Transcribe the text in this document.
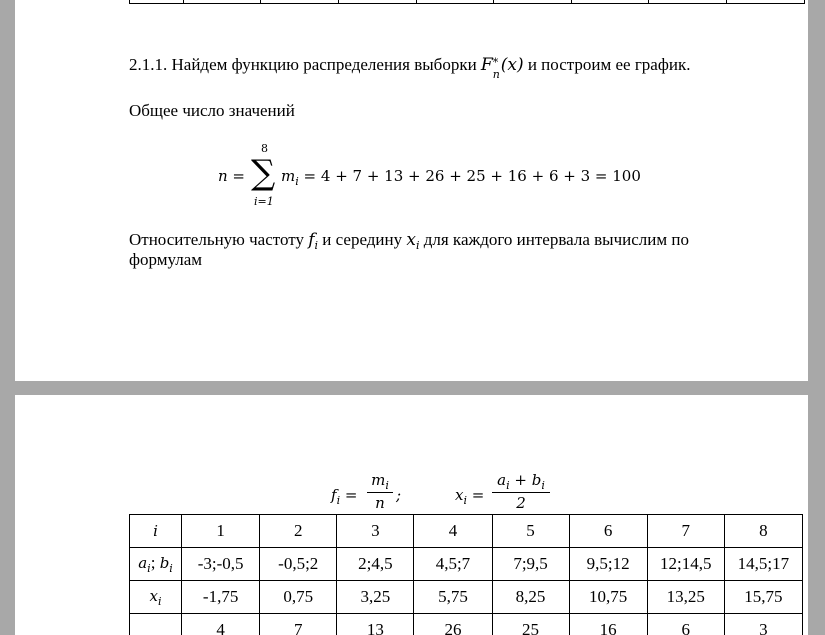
2.1.1. Найдем функцию распределения выборки F *
n (x) и построим ее график.
Общее число значений
n =
8
∑
i=1
$m_i = 4 + 7 + 13 + 26 + 25 + 16 + 6 + 3 = 100$
Относительную частоту $f_i$ и середину $x_i$ для каждого интервала вычислим по
формулам
$f_i$ =
$m_i$
n ;	$x_i$ =
$a_i + b_i$
2
i	1	2	3	4	5	6	7	8
$a_i$; $b_i$	-3;-0,5	-0,5;2	2;4,5	4,5;7	7;9,5	9,5;12	12;14,5	14,5;17
$x_i$	-1,75	0,75	3,25	5,75	8,25	10,75	13,25	15,75
	4	7	13	26	25	16	6	3
